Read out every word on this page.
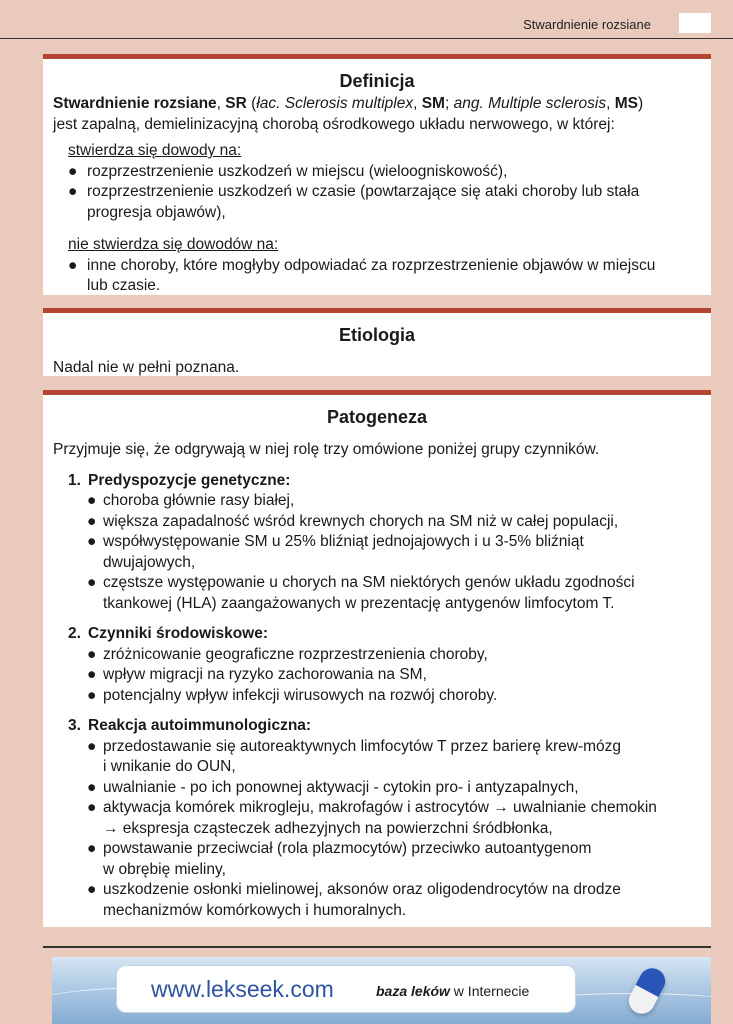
Stwardnienie rozsiane
Definicja

Stwardnienie rozsiane, SR (łac. Sclerosis multiplex, SM; ang. Multiple sclerosis, MS)
jest zapalną, demielinizacyjną chorobą ośrodkowego układu nerwowego, w której:

stwierdza się dowody na:

● rozprzestrzenienie uszkodzeń w miejscu (wieloogniskowość),
● rozprzestrzenienie uszkodzeń w czasie (powtarzające się ataki choroby lub stała
progresja objawów),

nie stwierdza się dowodów na:

● inne choroby, które mogłyby odpowiadać za rozprzestrzenienie objawów w miejscu
lub czasie.
Etiologia

Nadal nie w pełni poznana.

Patogeneza

Przyjmuje się, że odgrywają w niej rolę trzy omówione poniżej grupy czynników.

1. Predyspozycje genetyczne:
● choroba głównie rasy białej,
● większa zapadalność wśród krewnych chorych na SM niż w całej populacji,
● współwystępowanie SM u 25% bliźniąt jednojajowych i u 3-5% bliźniąt
dwujajowych,
● częstsze występowanie u chorych na SM niektórych genów układu zgodności
tkankowej (HLA) zaangażowanych w prezentację antygenów limfocytom T.
2. Czynniki środowiskowe:
● zróżnicowanie geograficzne rozprzestrzenienia choroby,
● wpływ migracji na ryzyko zachorowania na SM,
● potencjalny wpływ infekcji wirusowych na rozwój choroby.
3. Reakcja autoimmunologiczna:
● przedostawanie się autoreaktywnych limfocytów T przez barierę krew-mózg
i wnikanie do OUN,
● uwalnianie - po ich ponownej aktywacji - cytokin pro- i antyzapalnych,
● aktywacja komórek mikrogleju, makrofagów i astrocytów → uwalnianie chemokin
→ ekspresja cząsteczek adhezyjnych na powierzchni śródbłonka,
● powstawanie przeciwciał (rola plazmocytów) przeciwko autoantygenom
w obrębię mieliny,
● uszkodzenie osłonki mielinowej, aksonów oraz oligodendrocytów na drodze
mechanizmów komórkowych i humoralnych.
www.lekseek.com	baza leków w Internecie
